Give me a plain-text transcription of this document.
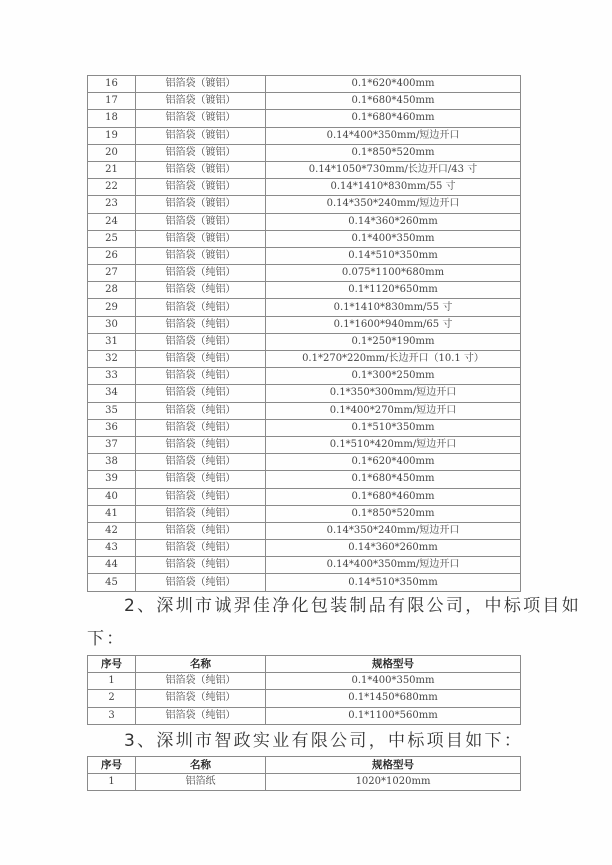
16	铝箔袋（镀铝）	0.1*620*400mm
17	铝箔袋（镀铝）	0.1*680*450mm
18	铝箔袋（镀铝）	0.1*680*460mm
19	铝箔袋（镀铝）	0.14*400*350mm/短边开口
20	铝箔袋（镀铝）	0.1*850*520mm
21	铝箔袋（镀铝）	0.14*1050*730mm/长边开口/43 寸
22	铝箔袋（镀铝）	0.14*1410*830mm/55 寸
23	铝箔袋（镀铝）	0.14*350*240mm/短边开口
24	铝箔袋（镀铝）	0.14*360*260mm
25	铝箔袋（镀铝）	0.1*400*350mm
26	铝箔袋（镀铝）	0.14*510*350mm
27	铝箔袋（纯铝）	0.075*1100*680mm
28	铝箔袋（纯铝）	0.1*1120*650mm
29	铝箔袋（纯铝）	0.1*1410*830mm/55 寸
30	铝箔袋（纯铝）	0.1*1600*940mm/65 寸
31	铝箔袋（纯铝）	0.1*250*190mm
32	铝箔袋（纯铝）	0.1*270*220mm/长边开口（10.1 寸）
33	铝箔袋（纯铝）	0.1*300*250mm
34	铝箔袋（纯铝）	0.1*350*300mm/短边开口
35	铝箔袋（纯铝）	0.1*400*270mm/短边开口
36	铝箔袋（纯铝）	0.1*510*350mm
37	铝箔袋（纯铝）	0.1*510*420mm/短边开口
38	铝箔袋（纯铝）	0.1*620*400mm
39	铝箔袋（纯铝）	0.1*680*450mm
40	铝箔袋（纯铝）	0.1*680*460mm
41	铝箔袋（纯铝）	0.1*850*520mm
42	铝箔袋（纯铝）	0.14*350*240mm/短边开口
43	铝箔袋（纯铝）	0.14*360*260mm
44	铝箔袋（纯铝）	0.14*400*350mm/短边开口
45	铝箔袋（纯铝）	0.14*510*350mm
2、深圳市诚羿佳净化包装制品有限公司，中标项目如
下：
序号	名称	规格型号
1	铝箔袋（纯铝）	0.1*400*350mm
2	铝箔袋（纯铝）	0.1*1450*680mm
3	铝箔袋（纯铝）	0.1*1100*560mm
3、深圳市智政实业有限公司，中标项目如下：
序号	名称	规格型号
1	铝箔纸	1020*1020mm
